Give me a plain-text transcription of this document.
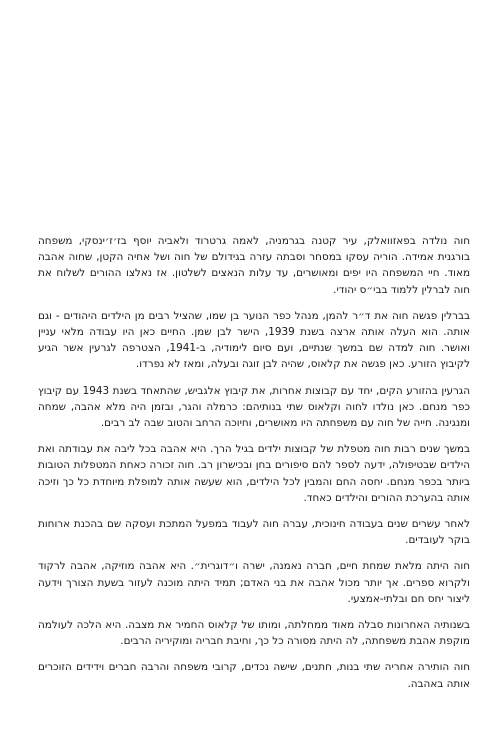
חוה נולדה בפאזוואלק, עיר קטנה בגרמניה, לאמה גרטרוד ולאביה יוסף בז׳ז׳ינסקי, משפחה בורגנית אמידה. הוריה עסקו במסחר וסבתה עזרה בגידולם של חוה ושל אחיה הקטן, שחוה אהבה מאוד. חיי המשפחה היו יפים ומאושרים, עד עלות הנאצים לשלטון. אז נאלצו ההורים לשלוח את חוה לברלין ללמוד בבי״ס יהודי.

בברלין פגשה חוה את ד״ר להמן, מנהל כפר הנוער בן שמו, שהציל רבים מן הילדים היהודים - וגם אותה. הוא העלה אותה ארצה בשנת 1939, הישר לבן שמן. החיים כאן היו עבודה מלאי עניין ואושר. חוה למדה שם במשך שנתיים, ועם סיום לימודיה, ב-1941, הצטרפה לגרעין אשר הגיע לקיבוץ הזורע. כאן פגשה את קלאוס, שהיה לבן זוגה ובעלה, ומאז לא נפרדו.

הגרעין בהזורע הקים, יחד עם קבוצות אחרות, את קיבוץ אלגביש, שהתאחד בשנת 1943 עם קיבוץ כפר מנחם. כאן נולדו לחוה וקלאוס שתי בנותיהם: כרמלה והגר, ובזמן היה מלא אהבה, שמחה ומנגינה. חייה של חוה עם משפחתה היו מאושרים, וחיוכה הרחב והטוב שבה לב רבים.

במשך שנים רבות חוה מטפלת של קבוצות ילדים בגיל הרך. היא אהבה בכל ליבה את עבודתה ואת הילדים שבטיפולה, ידעה לספר להם סיפורים בחן ובכישרון רב. חוה זכורה כאחת המטפלות הטובות ביותר בכפר מנחם. יחסה החם והמבין לכל הילדים, הוא שעשה אותה למופלת מיוחדת כל כך וזיכה אותה בהערכת ההורים והילדים כאחד.

לאחר עשרים שנים בעבודה חינוכית, עברה חוה לעבוד במפעל המתכת ועסקה שם בהכנת ארוחות בוקר לעובדים.

חוה היתה מלאת שמחת חיים, חברה נאמנה, ישרה ו״דוגרית״. היא אהבה מוזיקה, אהבה לרקוד ולקרוא ספרים. אך יותר מכול אהבה את בני האדם; תמיד היתה מוכנה לעזור בשעת הצורך וידעה ליצור יחס חם ובלתי-אמצעי.

בשנותיה האחרונות סבלה מאוד ממחלתה, ומותו של קלאוס החמיר את מצבה. היא הלכה לעולמה מוקפת אהבת משפחתה, לה היתה מסורה כל כך, וחיבת חבריה ומוקיריה הרבים.

חוה הותירה אחריה שתי בנות, חתנים, שישה נכדים, קרובי משפחה והרבה חברים וידידים הזוכרים אותה באהבה.
